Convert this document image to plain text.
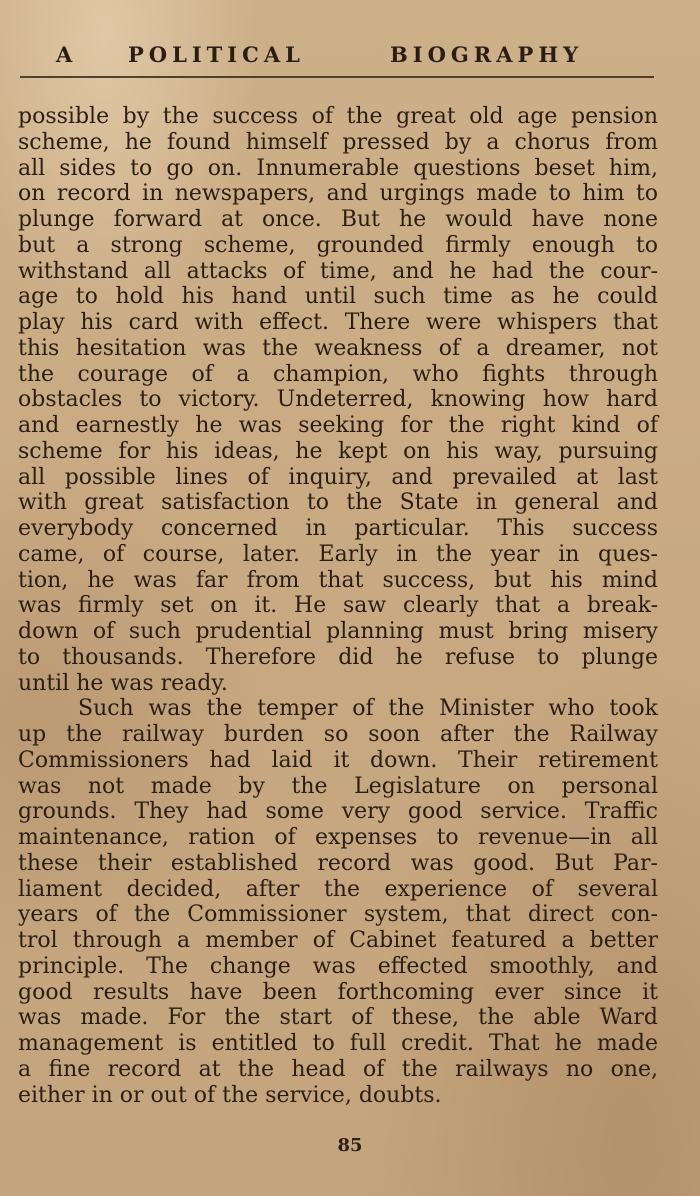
A POLITICAL	BIOGRAPHY
possible by the success of the great old age pension
scheme, he found himself pressed by a chorus from
all sides to go on. Innumerable questions beset him,
on record in newspapers, and urgings made to him to
plunge forward at once. But he would have none
but a strong scheme, grounded firmly enough to
withstand all attacks of time, and he had the cour-
age to hold his hand until such time as he could
play his card with effect. There were whispers that
this hesitation was the weakness of a dreamer, not
the courage of a champion, who fights through
obstacles to victory. Undeterred, knowing how hard
and earnestly he was seeking for the right kind of
scheme for his ideas, he kept on his way, pursuing
all possible lines of inquiry, and prevailed at last
with great satisfaction to the State in general and
everybody concerned in particular. This success
came, of course, later. Early in the year in ques-
tion, he was far from that success, but his mind
was firmly set on it. He saw clearly that a break-
down of such prudential planning must bring misery
to thousands. Therefore did he refuse to plunge
until he was ready.
Such was the temper of the Minister who took
up the railway burden so soon after the Railway
Commissioners had laid it down. Their retirement
was not made by the Legislature on personal
grounds. They had some very good service. Traffic
maintenance, ration of expenses to revenue—in all
these their established record was good. But Par-
liament decided, after the experience of several
years of the Commissioner system, that direct con-
trol through a member of Cabinet featured a better
principle. The change was effected smoothly, and
good results have been forthcoming ever since it
was made. For the start of these, the able Ward
management is entitled to full credit. That he made
a fine record at the head of the railways no one,
either in or out of the service, doubts.
85
